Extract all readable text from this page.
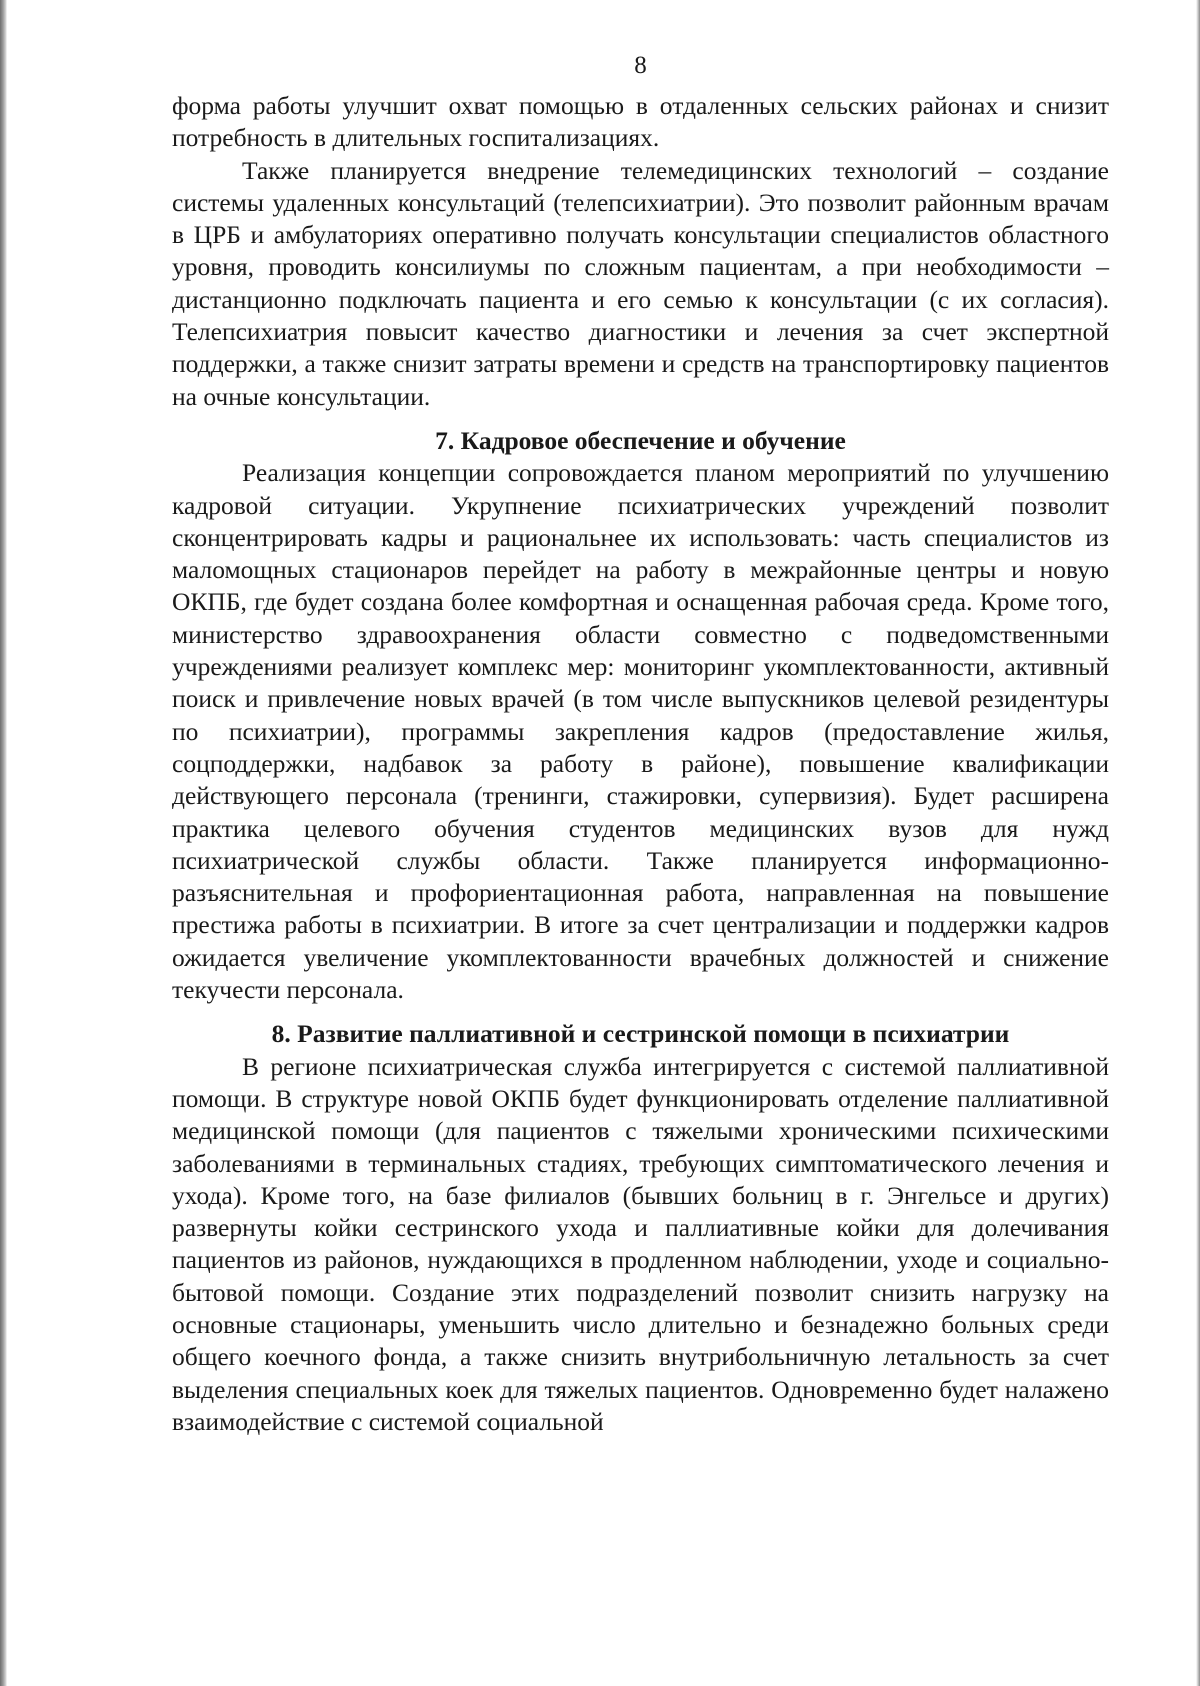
8

форма работы улучшит охват помощью в отдаленных сельских районах и снизит потребность в длительных госпитализациях.

Также планируется внедрение телемедицинских технологий – создание системы удаленных консультаций (телепсихиатрии). Это позволит районным врачам в ЦРБ и амбулаториях оперативно получать консультации специалистов областного уровня, проводить консилиумы по сложным пациентам, а при необходимости – дистанционно подключать пациента и его семью к консультации (с их согласия). Телепсихиатрия повысит качество диагностики и лечения за счет экспертной поддержки, а также снизит затраты времени и средств на транспортировку пациентов на очные консультации.

7. Кадровое обеспечение и обучение

Реализация концепции сопровождается планом мероприятий по улучшению кадровой ситуации. Укрупнение психиатрических учреждений позволит сконцентрировать кадры и рациональнее их использовать: часть специалистов из маломощных стационаров перейдет на работу в межрайонные центры и новую ОКПБ, где будет создана более комфортная и оснащенная рабочая среда. Кроме того, министерство здравоохранения области совместно с подведомственными учреждениями реализует комплекс мер: мониторинг укомплектованности, активный поиск и привлечение новых врачей (в том числе выпускников целевой резидентуры по психиатрии), программы закрепления кадров (предоставление жилья, соцподдержки, надбавок за работу в районе), повышение квалификации действующего персонала (тренинги, стажировки, супервизия). Будет расширена практика целевого обучения студентов медицинских вузов для нужд психиатрической службы области. Также планируется информационно-разъяснительная и профориентационная работа, направленная на повышение престижа работы в психиатрии. В итоге за счет централизации и поддержки кадров ожидается увеличение укомплектованности врачебных должностей и снижение текучести персонала.

8. Развитие паллиативной и сестринской помощи в психиатрии

В регионе психиатрическая служба интегрируется с системой паллиативной помощи. В структуре новой ОКПБ будет функционировать отделение паллиативной медицинской помощи (для пациентов с тяжелыми хроническими психическими заболеваниями в терминальных стадиях, требующих симптоматического лечения и ухода). Кроме того, на базе филиалов (бывших больниц в г. Энгельсе и других) развернуты койки сестринского ухода и паллиативные койки для долечивания пациентов из районов, нуждающихся в продленном наблюдении, уходе и социально-бытовой помощи. Создание этих подразделений позволит снизить нагрузку на основные стационары, уменьшить число длительно и безнадежно больных среди общего коечного фонда, а также снизить внутрибольничную летальность за счет выделения специальных коек для тяжелых пациентов. Одновременно будет налажено взаимодействие с системой социальной
